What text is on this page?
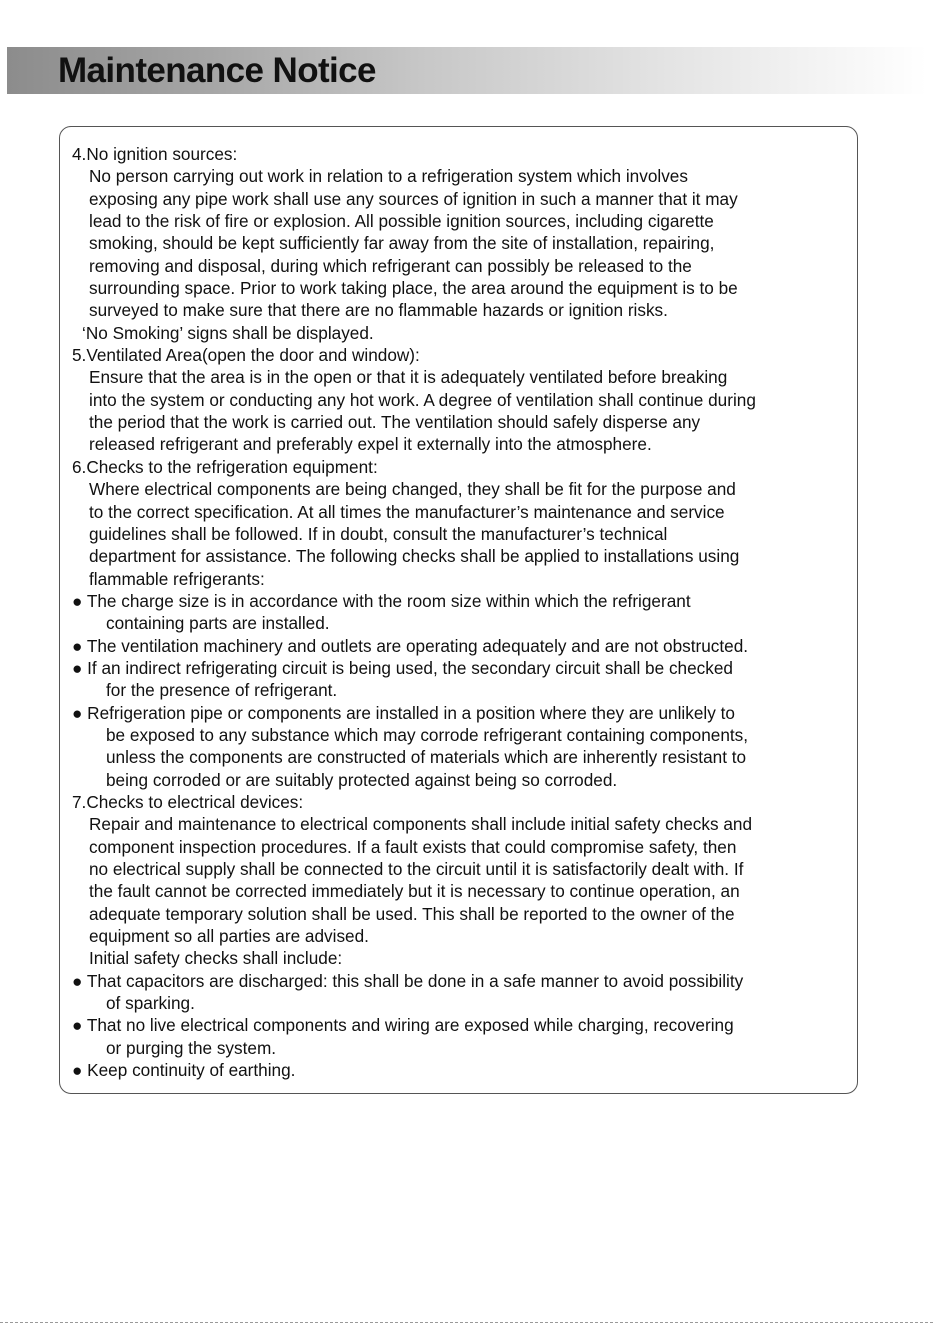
Maintenance Notice
4.No ignition sources:
No person carrying out work in relation to a refrigeration system which involves
exposing any pipe work shall use any sources of ignition in such a manner that it may
lead to the risk of fire or explosion. All possible ignition sources, including cigarette
smoking, should be kept sufficiently far away from the site of installation, repairing,
removing and disposal, during which refrigerant can possibly be released to the
surrounding space. Prior to work taking place, the area around the equipment is to be
surveyed to make sure that there are no flammable hazards or ignition risks.
‘No Smoking’ signs shall be displayed.
5.Ventilated Area(open the door and window):
Ensure that the area is in the open or that it is adequately ventilated before breaking
into the system or conducting any hot work. A degree of ventilation shall continue during
the period that the work is carried out. The ventilation should safely disperse any
released refrigerant and preferably expel it externally into the atmosphere.
6.Checks to the refrigeration equipment:
Where electrical components are being changed, they shall be fit for the purpose and
to the correct specification. At all times the manufacturer’s maintenance and service
guidelines shall be followed. If in doubt, consult the manufacturer’s technical
department for assistance. The following checks shall be applied to installations using
flammable refrigerants:
● The charge size is in accordance with the room size within which the refrigerant
containing parts are installed.
● The ventilation machinery and outlets are operating adequately and are not obstructed.
● If an indirect refrigerating circuit is being used, the secondary circuit shall be checked
for the presence of refrigerant.
● Refrigeration pipe or components are installed in a position where they are unlikely to
be exposed to any substance which may corrode refrigerant containing components,
unless the components are constructed of materials which are inherently resistant to
being corroded or are suitably protected against being so corroded.
7.Checks to electrical devices:
Repair and maintenance to electrical components shall include initial safety checks and
component inspection procedures. If a fault exists that could compromise safety, then
no electrical supply shall be connected to the circuit until it is satisfactorily dealt with. If
the fault cannot be corrected immediately but it is necessary to continue operation, an
adequate temporary solution shall be used. This shall be reported to the owner of the
equipment so all parties are advised.
Initial safety checks shall include:
● That capacitors are discharged: this shall be done in a safe manner to avoid possibility
of sparking.
● That no live electrical components and wiring are exposed while charging, recovering
or purging the system.
● Keep continuity of earthing.
